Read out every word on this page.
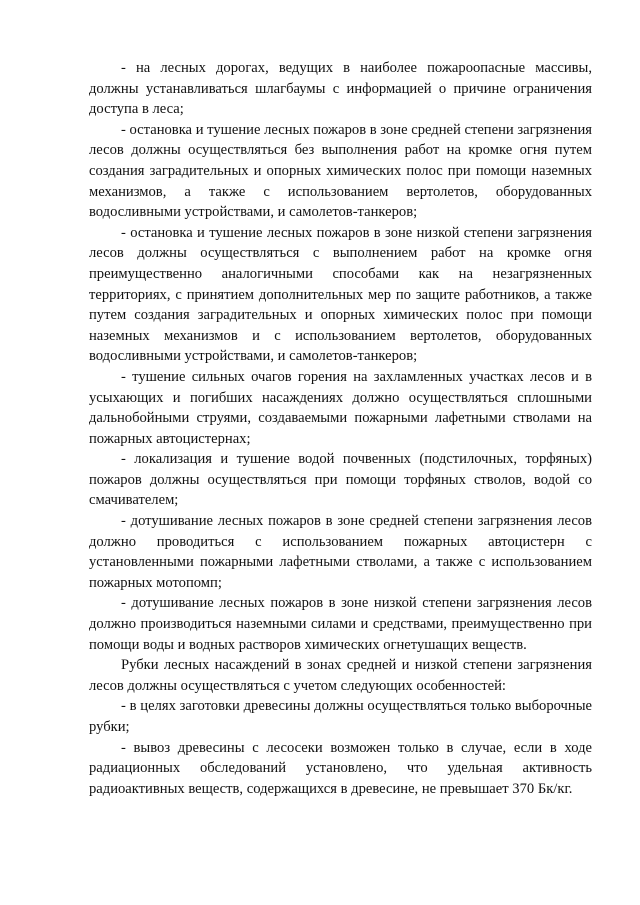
- на лесных дорогах, ведущих в наиболее пожароопасные массивы, должны устанавливаться шлагбаумы с информацией о причине ограничения доступа в леса;

- остановка и тушение лесных пожаров в зоне средней степени загрязнения лесов должны осуществляться без выполнения работ на кромке огня путем создания заградительных и опорных химических полос при помощи наземных механизмов, а также с использованием вертолетов, оборудованных водосливными устройствами, и самолетов-танкеров;

- остановка и тушение лесных пожаров в зоне низкой степени загрязнения лесов должны осуществляться с выполнением работ на кромке огня преимущественно аналогичными способами как на незагрязненных территориях, с принятием дополнительных мер по защите работников, а также путем создания заградительных и опорных химических полос при помощи наземных механизмов и с использованием вертолетов, оборудованных водосливными устройствами, и самолетов-танкеров;

- тушение сильных очагов горения на захламленных участках лесов и в усыхающих и погибших насаждениях должно осуществляться сплошными дальнобойными струями, создаваемыми пожарными лафетными стволами на пожарных автоцистернах;

- локализация и тушение водой почвенных (подстилочных, торфяных) пожаров должны осуществляться при помощи торфяных стволов, водой со смачивателем;

- дотушивание лесных пожаров в зоне средней степени загрязнения лесов должно проводиться с использованием пожарных автоцистерн с установленными пожарными лафетными стволами, а также с использованием пожарных мотопомп;

- дотушивание лесных пожаров в зоне низкой степени загрязнения лесов должно производиться наземными силами и средствами, преимущественно при помощи воды и водных растворов химических огнетушащих веществ.

Рубки лесных насаждений в зонах средней и низкой степени загрязнения лесов должны осуществляться с учетом следующих особенностей:

- в целях заготовки древесины должны осуществляться только выборочные рубки;

- вывоз древесины с лесосеки возможен только в случае, если в ходе радиационных обследований установлено, что удельная активность радиоактивных веществ, содержащихся в древесине, не превышает 370 Бк/кг.
